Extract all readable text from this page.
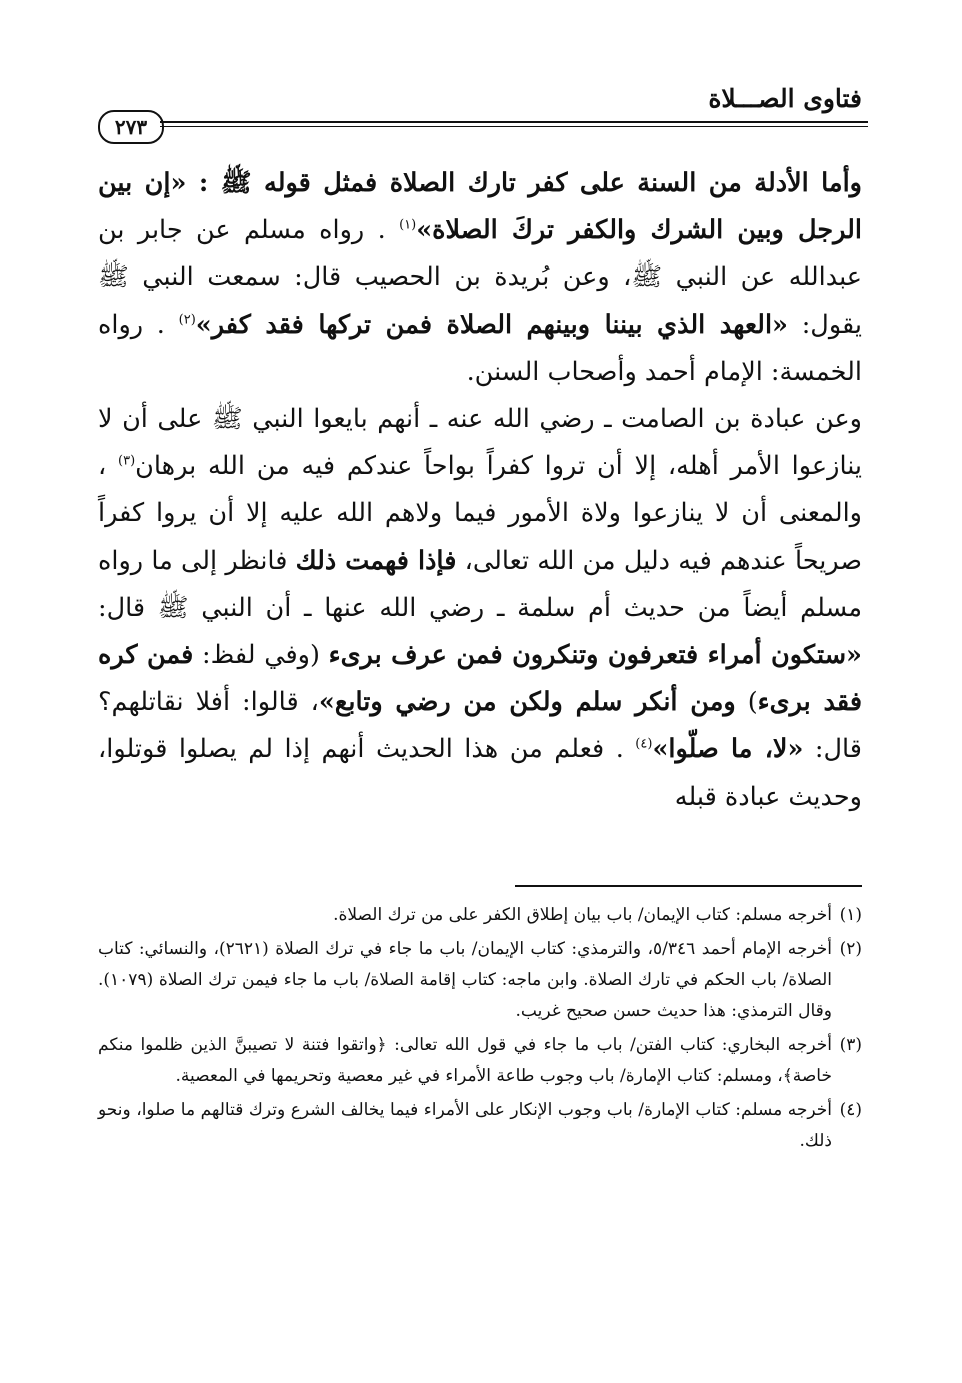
فتاوى الصـــلاة
٢٧٣

وأما الأدلة من السنة على كفر تارك الصلاة فمثل قوله ﷺ : «إن بين الرجل وبين الشرك والكفر تركَ الصلاة»$^{(١)}$ . رواه مسلم عن جابر بن عبدالله عن النبي ﷺ، وعن بُريدة بن الحصيب قال: سمعت النبي ﷺ يقول: «العهد الذي بيننا وبينهم الصلاة فمن تركها فقد كفر»$^{(٢)}$ . رواه الخمسة: الإمام أحمد وأصحاب السنن.

وعن عبادة بن الصامت ـ رضي الله عنه ـ أنهم بايعوا النبي ﷺ على أن لا ينازعوا الأمر أهله، إلا أن تروا كفراً بواحاً عندكم فيه من الله برهان$^{(٣)}$ ، والمعنى أن لا ينازعوا ولاة الأمور فيما ولاهم الله عليه إلا أن يروا كفراً صريحاً عندهم فيه دليل من الله تعالى، فإذا فهمت ذلك فانظر إلى ما رواه مسلم أيضاً من حديث أم سلمة ـ رضي الله عنها ـ أن النبي ﷺ قال: «ستكون أمراء فتعرفون وتنكرون فمن عرف برىء (وفي لفظ: فمن كره فقد برىء) ومن أنكر سلم ولكن من رضي وتابع»، قالوا: أفلا نقاتلهم؟ قال: «لا، ما صلّوا»$^{(٤)}$ . فعلم من هذا الحديث أنهم إذا لم يصلوا قوتلوا، وحديث عبادة قبله

(١)
أخرجه مسلم: كتاب الإيمان/ باب بيان إطلاق الكفر على من ترك الصلاة.

(٢)
أخرجه الإمام أحمد ٥/٣٤٦، والترمذي: كتاب الإيمان/ باب ما جاء في ترك الصلاة (٢٦٢١)، والنسائي: كتاب الصلاة/ باب الحكم في تارك الصلاة. وابن ماجه: كتاب إقامة الصلاة/ باب ما جاء فيمن ترك الصلاة (١٠٧٩). وقال الترمذي: هذا حديث حسن صحيح غريب.

(٣)
أخرجه البخاري: كتاب الفتن/ باب ما جاء في قول الله تعالى: ﴿واتقوا فتنة لا تصيبنَّ الذين ظلموا منكم خاصة﴾، ومسلم: كتاب الإمارة/ باب وجوب طاعة الأمراء في غير معصية وتحريمها في المعصية.

(٤)
أخرجه مسلم: كتاب الإمارة/ باب وجوب الإنكار على الأمراء فيما يخالف الشرع وترك قتالهم ما صلوا، ونحو ذلك.
